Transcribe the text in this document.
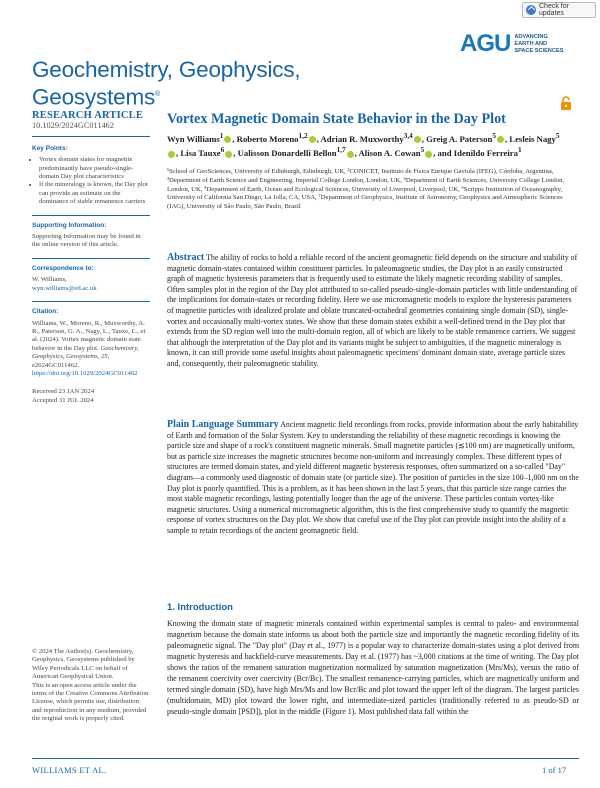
Check for updates
AGU ADVANCING
EARTH AND
SPACE SCIENCES
Geochemistry, Geophysics,
Geosystems®
RESEARCH ARTICLE
10.1029/2024GC011462
Key Points:
• Vortex domain states for magnetite predominantly have pseudo-single-domain Day plot characteristics
• If the mineralogy is known, the Day plot can provide an estimate on the dominance of stable remanence carriers
Supporting Information:
Supporting Information may be found in the online version of this article.
Correspondence to:
W. Williams,
wyn.williams@ed.ac.uk
Citation:
Williams, W., Moreno, R., Muxworthy, A. R., Paterson, G. A., Nagy, L., Tauxe, L., et al. (2024). Vortex magnetic domain state behavior in the Day plot. Geochemistry, Geophysics, Geosystems, 25, e2024GC011462. https://doi.org/10.1029/2024GC011462
Received 23 JAN 2024
Accepted 31 JUL 2024
© 2024 The Author(s). Geochemistry, Geophysics, Geosystems published by Wiley Periodicals LLC on behalf of American Geophysical Union.
This is an open access article under the terms of the Creative Commons Attribution License, which permits use, distribution and reproduction in any medium, provided the original work is properly cited.
Vortex Magnetic Domain State Behavior in the Day Plot
Wyn Williams$^1$ , Roberto Moreno$^{1,2}$ , Adrian R. Muxworthy$^{3,4}$ , Greig A. Paterson$^5$ , Lesleis Nagy$^5$, Lisa Tauxe$^6$ , Ualisson Donardelli Bellon$^{1,7}$ , Alison A. Cowan$^5$ , and Idenildo Ferreira$^1$
¹School of GeoSciences, University of Edinburgh, Edinburgh, UK, ²CONICET, Instituto de Física Enrique Gaviola (IFEG), Córdoba, Argentina, ³Department of Earth Science and Engineering, Imperial College London, London, UK, ⁴Department of Earth Sciences, University College London, London, UK, ⁵Department of Earth, Ocean and Ecological Sciences, University of Liverpool, Liverpool, UK, ⁶Scripps Institution of Oceanography, University of California San Diego, La Jolla, CA, USA, ⁷Department of Geophysics, Institute of Astronomy, Geophysics and Atmospheric Sciences (IAG), University of São Paulo, São Paulo, Brazil
Abstract The ability of rocks to hold a reliable record of the ancient geomagnetic field depends on the structure and stability of magnetic domain-states contained within constituent particles. In paleomagnetic studies, the Day plot is an easily constructed graph of magnetic hysteresis parameters that is frequently used to estimate the likely magnetic recording stability of samples. Often samples plot in the region of the Day plot attributed to so-called pseudo-single-domain particles with little understanding of the implications for domain-states or recording fidelity. Here we use micromagnetic models to explore the hysteresis parameters of magnetite particles with idealized prolate and oblate truncated-octahedral geometries containing single domain (SD), single-vortex and occasionally multi-vortex states. We show that these domain states exhibit a well-defined trend in the Day plot that extends from the SD region well into the multi-domain region, all of which are likely to be stable remanence carriers. We suggest that although the interpretation of the Day plot and its variants might be subject to ambiguities, if the magnetic mineralogy is known, it can still provide some useful insights about paleomagnetic specimens' dominant domain state, average particle sizes and, consequently, their paleomagnetic stability.
Plain Language Summary Ancient magnetic field recordings from rocks, provide information about the early habitability of Earth and formation of the Solar System. Key to understanding the reliability of these magnetic recordings is knowing the particle size and shape of a rock's constituent magnetic minerals. Small magnetite particles (≲100 nm) are magnetically uniform, but as particle size increases the magnetic structures become non-uniform and increasingly complex. These different types of structures are termed domain states, and yield different magnetic hysteresis responses, often summarized on a so-called "Day" diagram—a commonly used diagnostic of domain state (or particle size). The position of particles in the size 100–1,000 nm on the Day plot is poorly quantified. This is a problem, as it has been shown in the last 5 years, that this particle size range carries the most stable magnetic recordings, lasting potentially longer than the age of the universe. These particles contain vortex-like magnetic structures. Using a numerical micromagnetic algorithm, this is the first comprehensive study to quantify the magnetic response of vortex structures on the Day plot. We show that careful use of the Day plot can provide insight into the ability of a sample to retain recordings of the ancient geomagnetic field.
1. Introduction
Knowing the domain state of magnetic minerals contained within experimental samples is central to paleo- and environmental magnetism because the domain state informs us about both the particle size and importantly the magnetic recording fidelity of its paleomagnetic signal. The "Day plot" (Day et al., 1977) is a popular way to characterize domain-states using a plot derived from magnetic hysteresis and backfield-curve measurements. Day et al. (1977) has ~3,000 citations at the time of writing. The Day plot shows the ratios of the remanent saturation magnetization normalized by saturation magnetization (Mrs/Ms), versus the ratio of the remanent coercivity over coercivity (Bcr/Bc). The smallest remanence-carrying particles, which are magnetically uniform and termed single domain (SD), have high Mrs/Ms and low Bcr/Bc and plot toward the upper left of the diagram. The largest particles (multidomain, MD) plot toward the lower right, and intermediate-sized particles (traditionally referred to as pseudo-SD or pseudo-single domain [PSD]), plot in the middle (Figure 1). Most published data fall within the
WILLIAMS ET AL.	1 of 17
